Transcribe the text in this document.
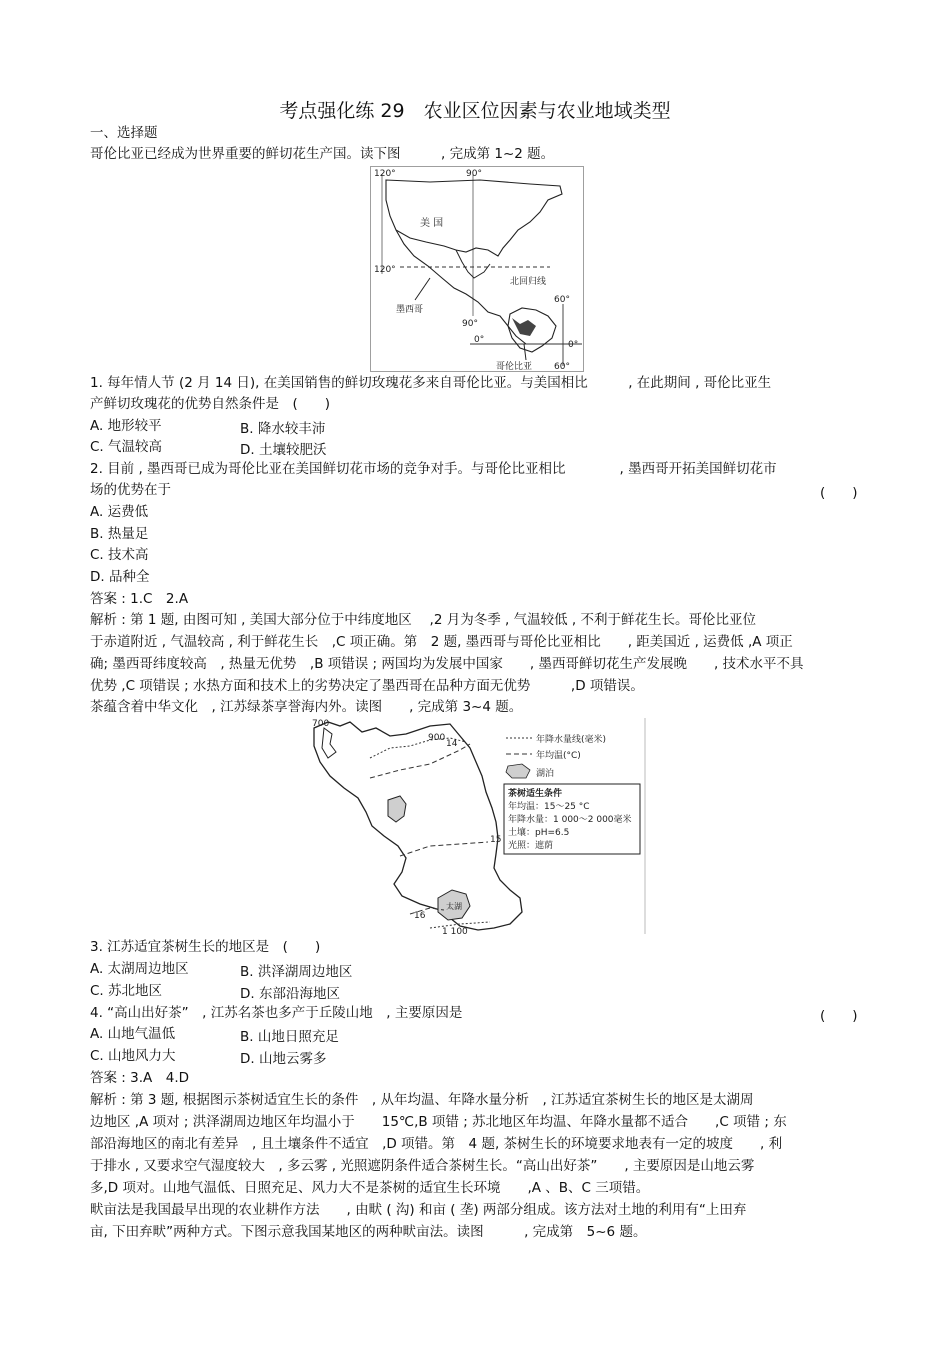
考点强化练 29　农业区位因素与农业地域类型
一、选择题
哥伦比亚已经成为世界重要的鲜切花生产国。读下图　　　, 完成第 1~2 题。
120°	90°
120°
美 国
北回归线
墨西哥
90°
0°
60°
0°
哥伦比亚 60°
1. 每年情人节 (2 月 14 日), 在美国销售的鲜切玫瑰花多来自哥伦比亚。与美国相比　　　, 在此期间 , 哥伦比亚生
产鲜切玫瑰花的优势自然条件是　(　　)
A. 地形较平	B. 降水较丰沛
C. 气温较高	D. 土壤较肥沃
2. 目前 , 墨西哥已成为哥伦比亚在美国鲜切花市场的竞争对手。与哥伦比亚相比　　　　, 墨西哥开拓美国鲜切花市
场的优势在于	(　　)
A. 运费低
B. 热量足
C. 技术高
D. 品种全
答案 : 1.C　2.A
解析 : 第 1 题, 由图可知 , 美国大部分位于中纬度地区　 ,2 月为冬季 , 气温较低 , 不利于鲜花生长。哥伦比亚位
于赤道附近 , 气温较高 , 利于鲜花生长　,C 项正确。第　2 题, 墨西哥与哥伦比亚相比　　, 距美国近 , 运费低 ,A 项正
确; 墨西哥纬度较高　, 热量无优势　,B 项错误 ; 两国均为发展中国家　　, 墨西哥鲜切花生产发展晚　　, 技术水平不具
优势 ,C 项错误 ; 水热方面和技术上的劣势决定了墨西哥在品种方面无优势　　　,D 项错误。
茶蕴含着中华文化　, 江苏绿茶享誉海内外。读图　　, 完成第 3~4 题。
700
900
14
15
16
1 100
太湖
年降水量线(毫米)
年均温(°C)
湖泊
茶树适生条件
年均温：15～25 °C
年降水量：1 000～2 000毫米
土壤：pH=6.5
光照：遮荫
3. 江苏适宜茶树生长的地区是　(　　)
A. 太湖周边地区	B. 洪泽湖周边地区
C. 苏北地区	D. 东部沿海地区
4. “高山出好茶”　, 江苏名茶也多产于丘陵山地　, 主要原因是	(　　)
A. 山地气温低	B. 山地日照充足
C. 山地风力大	D. 山地云雾多
答案 : 3.A　4.D
解析 : 第 3 题, 根据图示茶树适宜生长的条件　, 从年均温、年降水量分析　, 江苏适宜茶树生长的地区是太湖周
边地区 ,A 项对 ; 洪泽湖周边地区年均温小于　　15℃,B 项错 ; 苏北地区年均温、年降水量都不适合　　,C 项错 ; 东
部沿海地区的南北有差异　, 且土壤条件不适宜　,D 项错。第　4 题, 茶树生长的环境要求地表有一定的坡度　　, 利
于排水 , 又要求空气湿度较大　, 多云雾 , 光照遮阴条件适合茶树生长。“高山出好茶”　　, 主要原因是山地云雾
多,D 项对。山地气温低、日照充足、风力大不是茶树的适宜生长环境　　,A 、B、C 三项错。
畎亩法是我国最早出现的农业耕作方法　　, 由畎 ( 沟) 和亩 ( 垄) 两部分组成。该方法对土地的利用有“上田弃
亩, 下田弃畎”两种方式。下图示意我国某地区的两种畎亩法。读图　　　, 完成第　5~6 题。
